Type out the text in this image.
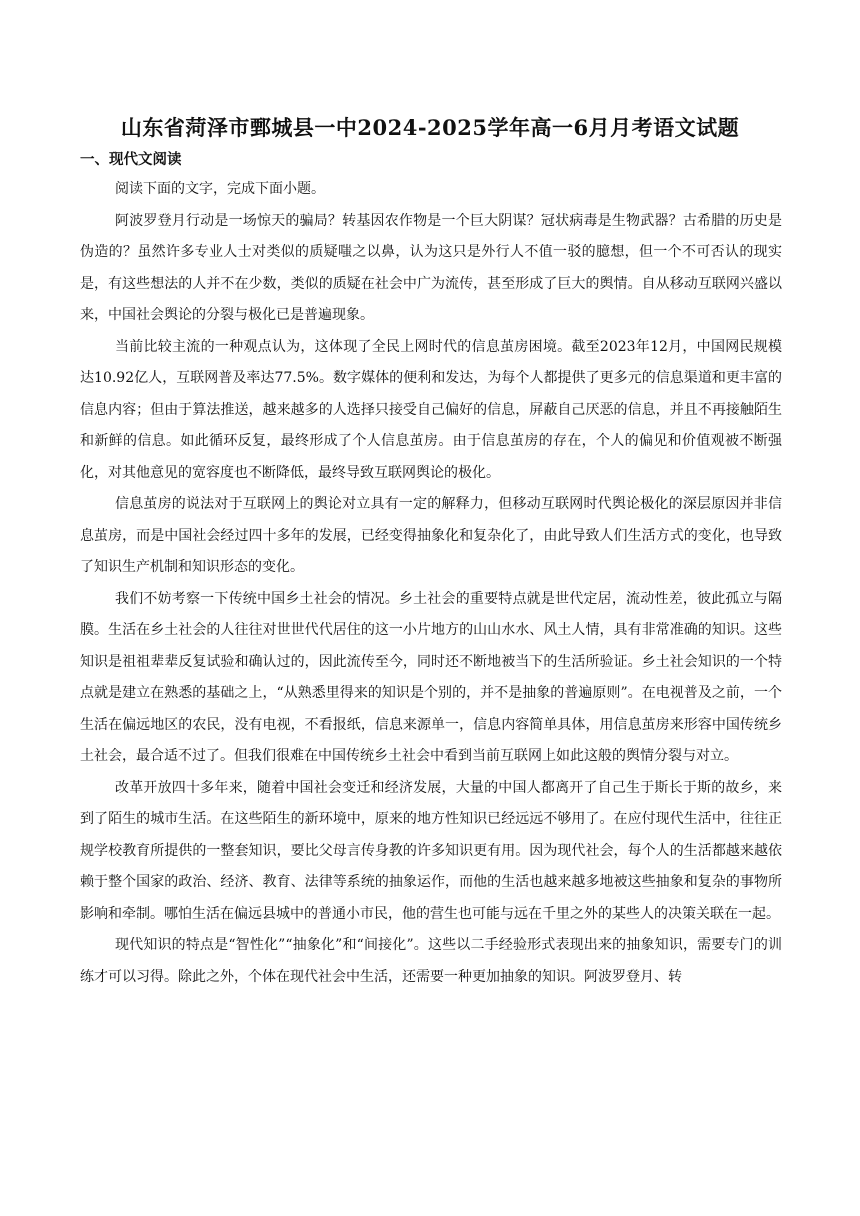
山东省菏泽市鄄城县一中2024-2025学年高一6月月考语文试题
一、现代文阅读

阅读下面的文字，完成下面小题。

阿波罗登月行动是一场惊天的骗局？转基因农作物是一个巨大阴谋？冠状病毒是生物武器？古希腊的历史是伪造的？虽然许多专业人士对类似的质疑嗤之以鼻，认为这只是外行人不值一驳的臆想，但一个不可否认的现实是，有这些想法的人并不在少数，类似的质疑在社会中广为流传，甚至形成了巨大的舆情。自从移动互联网兴盛以来，中国社会舆论的分裂与极化已是普遍现象。

当前比较主流的一种观点认为，这体现了全民上网时代的信息茧房困境。截至2023年12月，中国网民规模达10.92亿人，互联网普及率达77.5%。数字媒体的便利和发达，为每个人都提供了更多元的信息渠道和更丰富的信息内容；但由于算法推送，越来越多的人选择只接受自己偏好的信息，屏蔽自己厌恶的信息，并且不再接触陌生和新鲜的信息。如此循环反复，最终形成了个人信息茧房。由于信息茧房的存在，个人的偏见和价值观被不断强化，对其他意见的宽容度也不断降低，最终导致互联网舆论的极化。

信息茧房的说法对于互联网上的舆论对立具有一定的解释力，但移动互联网时代舆论极化的深层原因并非信息茧房，而是中国社会经过四十多年的发展，已经变得抽象化和复杂化了，由此导致人们生活方式的变化，也导致了知识生产机制和知识形态的变化。

我们不妨考察一下传统中国乡土社会的情况。乡土社会的重要特点就是世代定居，流动性差，彼此孤立与隔膜。生活在乡土社会的人往往对世世代代居住的这一小片地方的山山水水、风土人情，具有非常准确的知识。这些知识是祖祖辈辈反复试验和确认过的，因此流传至今，同时还不断地被当下的生活所验证。乡土社会知识的一个特点就是建立在熟悉的基础之上，“从熟悉里得来的知识是个别的，并不是抽象的普遍原则”。在电视普及之前，一个生活在偏远地区的农民，没有电视，不看报纸，信息来源单一，信息内容简单具体，用信息茧房来形容中国传统乡土社会，最合适不过了。但我们很难在中国传统乡土社会中看到当前互联网上如此这般的舆情分裂与对立。

改革开放四十多年来，随着中国社会变迁和经济发展，大量的中国人都离开了自己生于斯长于斯的故乡，来到了陌生的城市生活。在这些陌生的新环境中，原来的地方性知识已经远远不够用了。在应付现代生活中，往往正规学校教育所提供的一整套知识，要比父母言传身教的许多知识更有用。因为现代社会，每个人的生活都越来越依赖于整个国家的政治、经济、教育、法律等系统的抽象运作，而他的生活也越来越多地被这些抽象和复杂的事物所影响和牵制。哪怕生活在偏远县城中的普通小市民，他的营生也可能与远在千里之外的某些人的决策关联在一起。

现代知识的特点是“智性化”“抽象化”和“间接化”。这些以二手经验形式表现出来的抽象知识，需要专门的训练才可以习得。除此之外，个体在现代社会中生活，还需要一种更加抽象的知识。阿波罗登月、转
